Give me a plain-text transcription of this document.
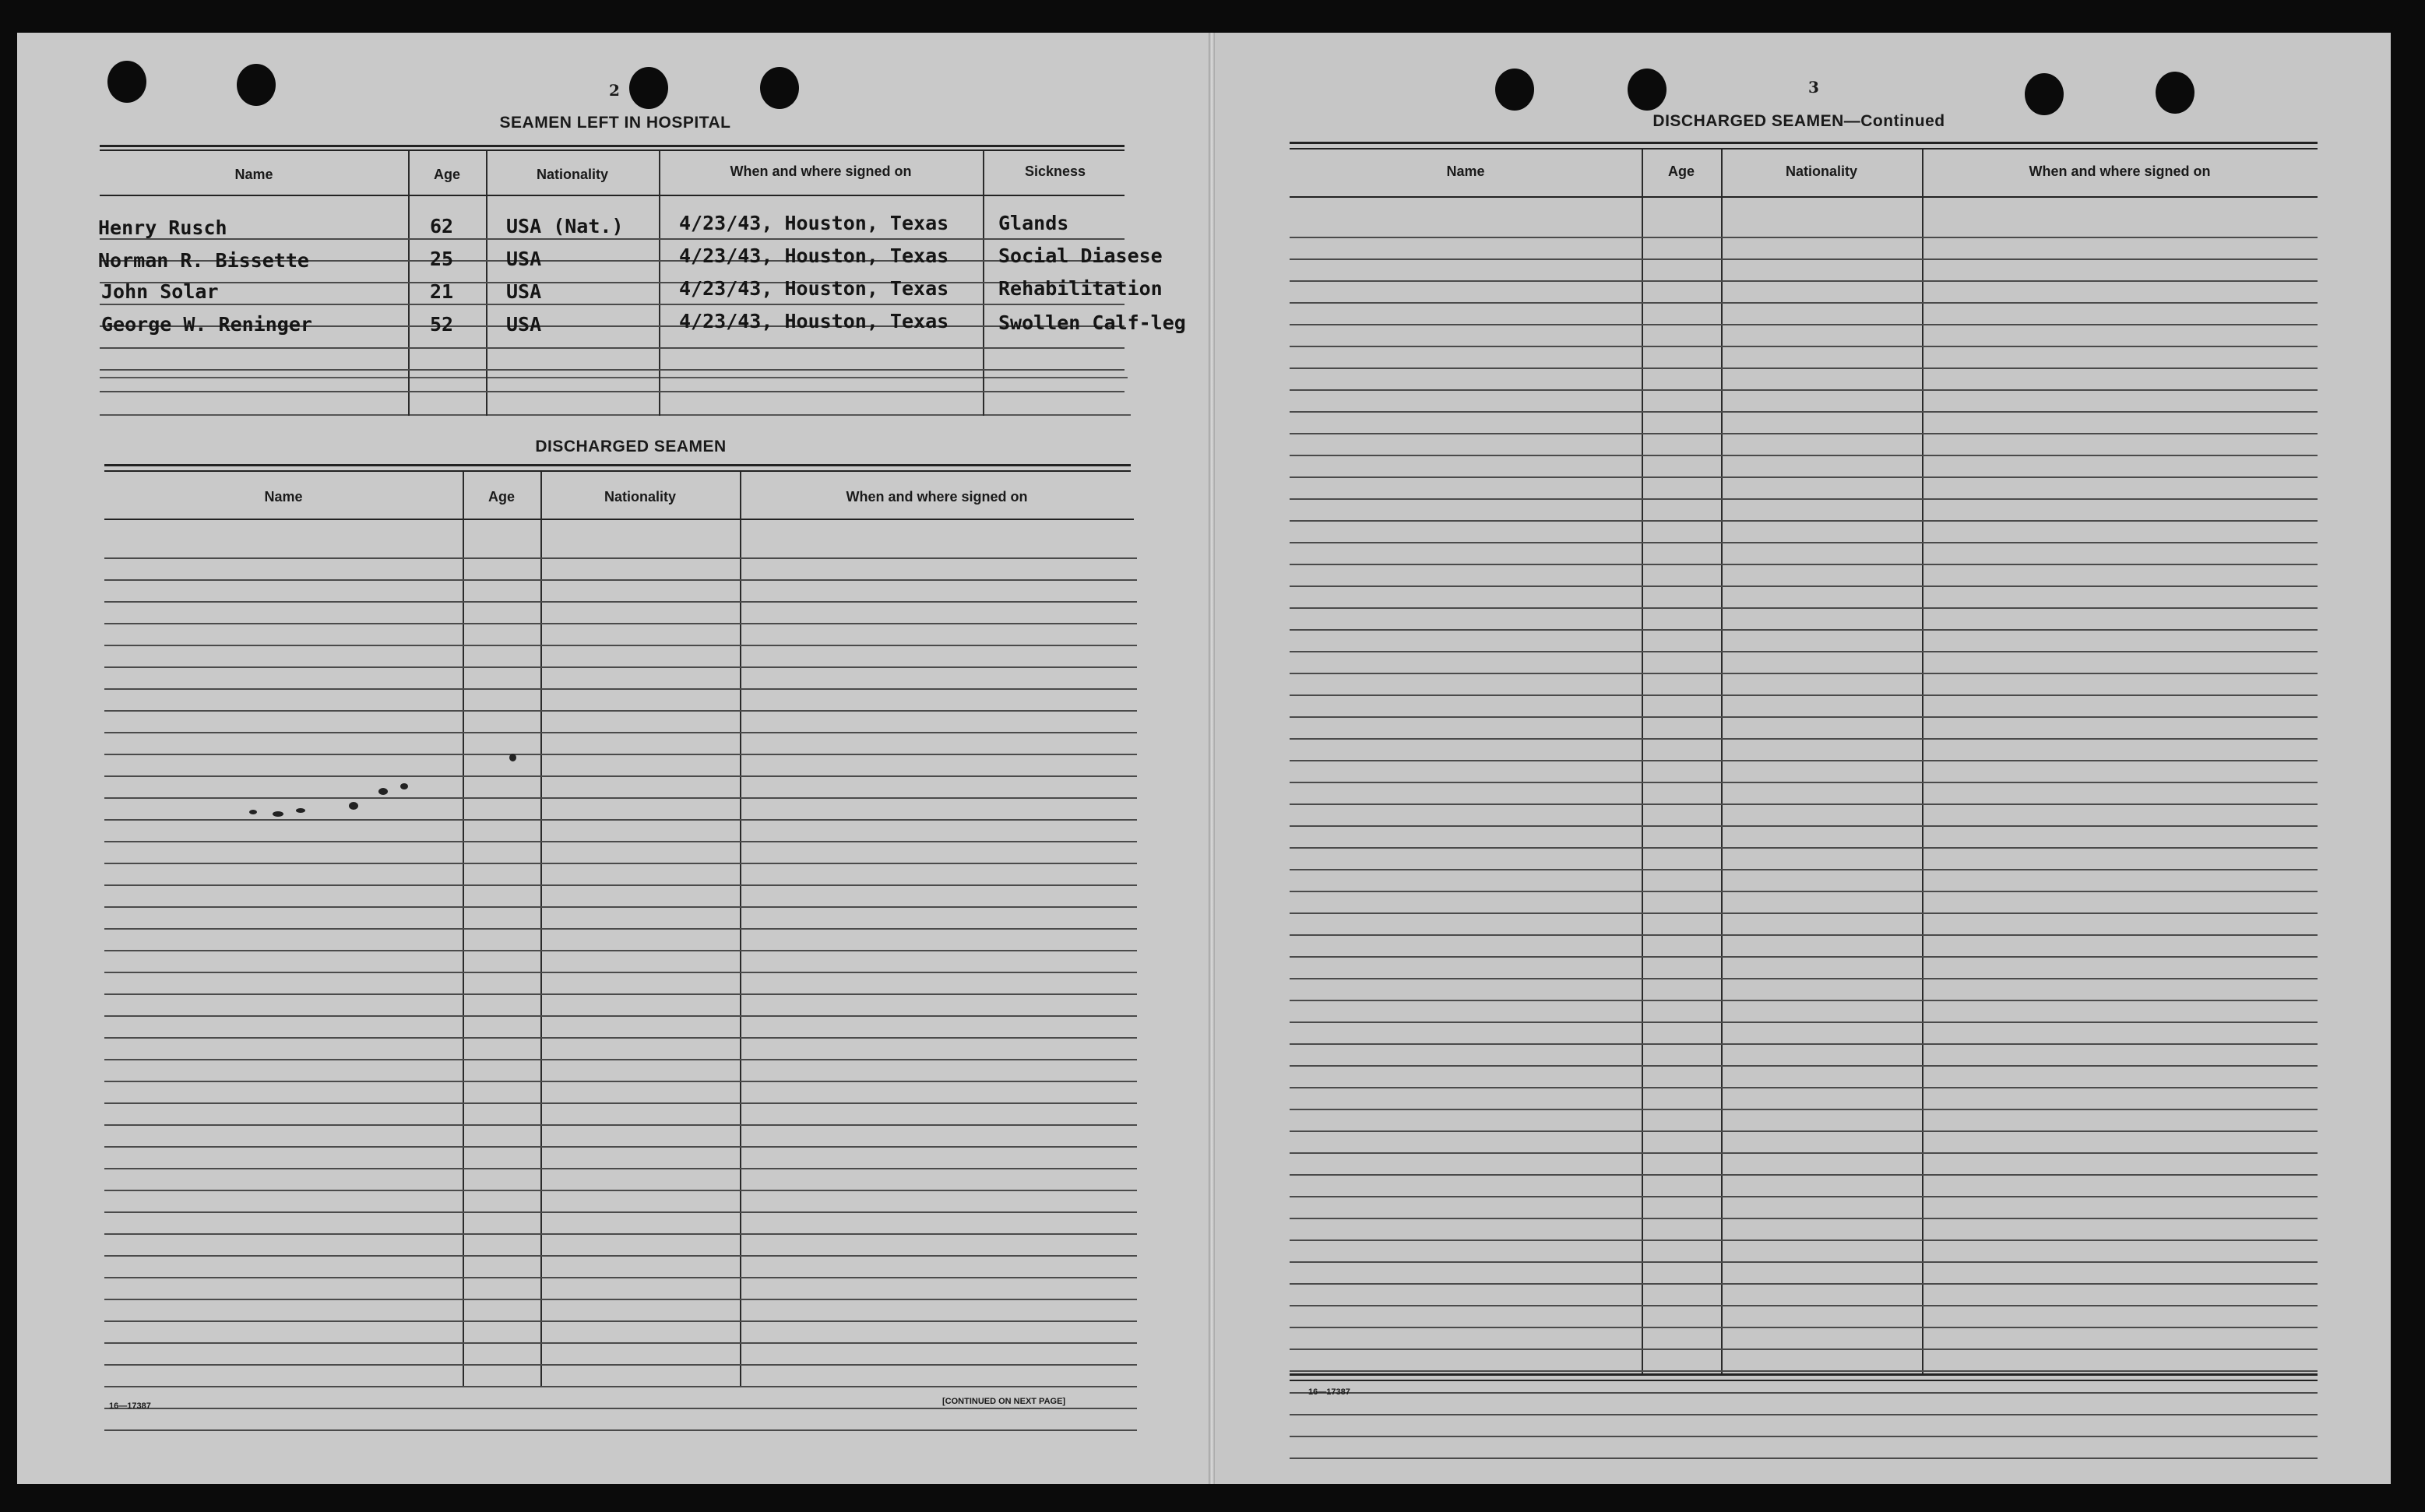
2
SEAMEN LEFT IN HOSPITAL
Name	Age	Nationality	When and where signed on	Sickness
Henry Rusch	62	USA (Nat.)	4/23/43, Houston, Texas	Glands
Norman R. Bissette	25	USA	4/23/43, Houston, Texas	Social Diasese
John Solar	21	USA	4/23/43, Houston, Texas	Rehabilitation
George W. Reninger	52	USA	4/23/43, Houston, Texas	Swollen Calf-leg
DISCHARGED SEAMEN
Name	Age	Nationality	When and where signed on
16—17387	[CONTINUED ON NEXT PAGE]
3
DISCHARGED SEAMEN—Continued
Name	Age	Nationality	When and where signed on
16—17387
